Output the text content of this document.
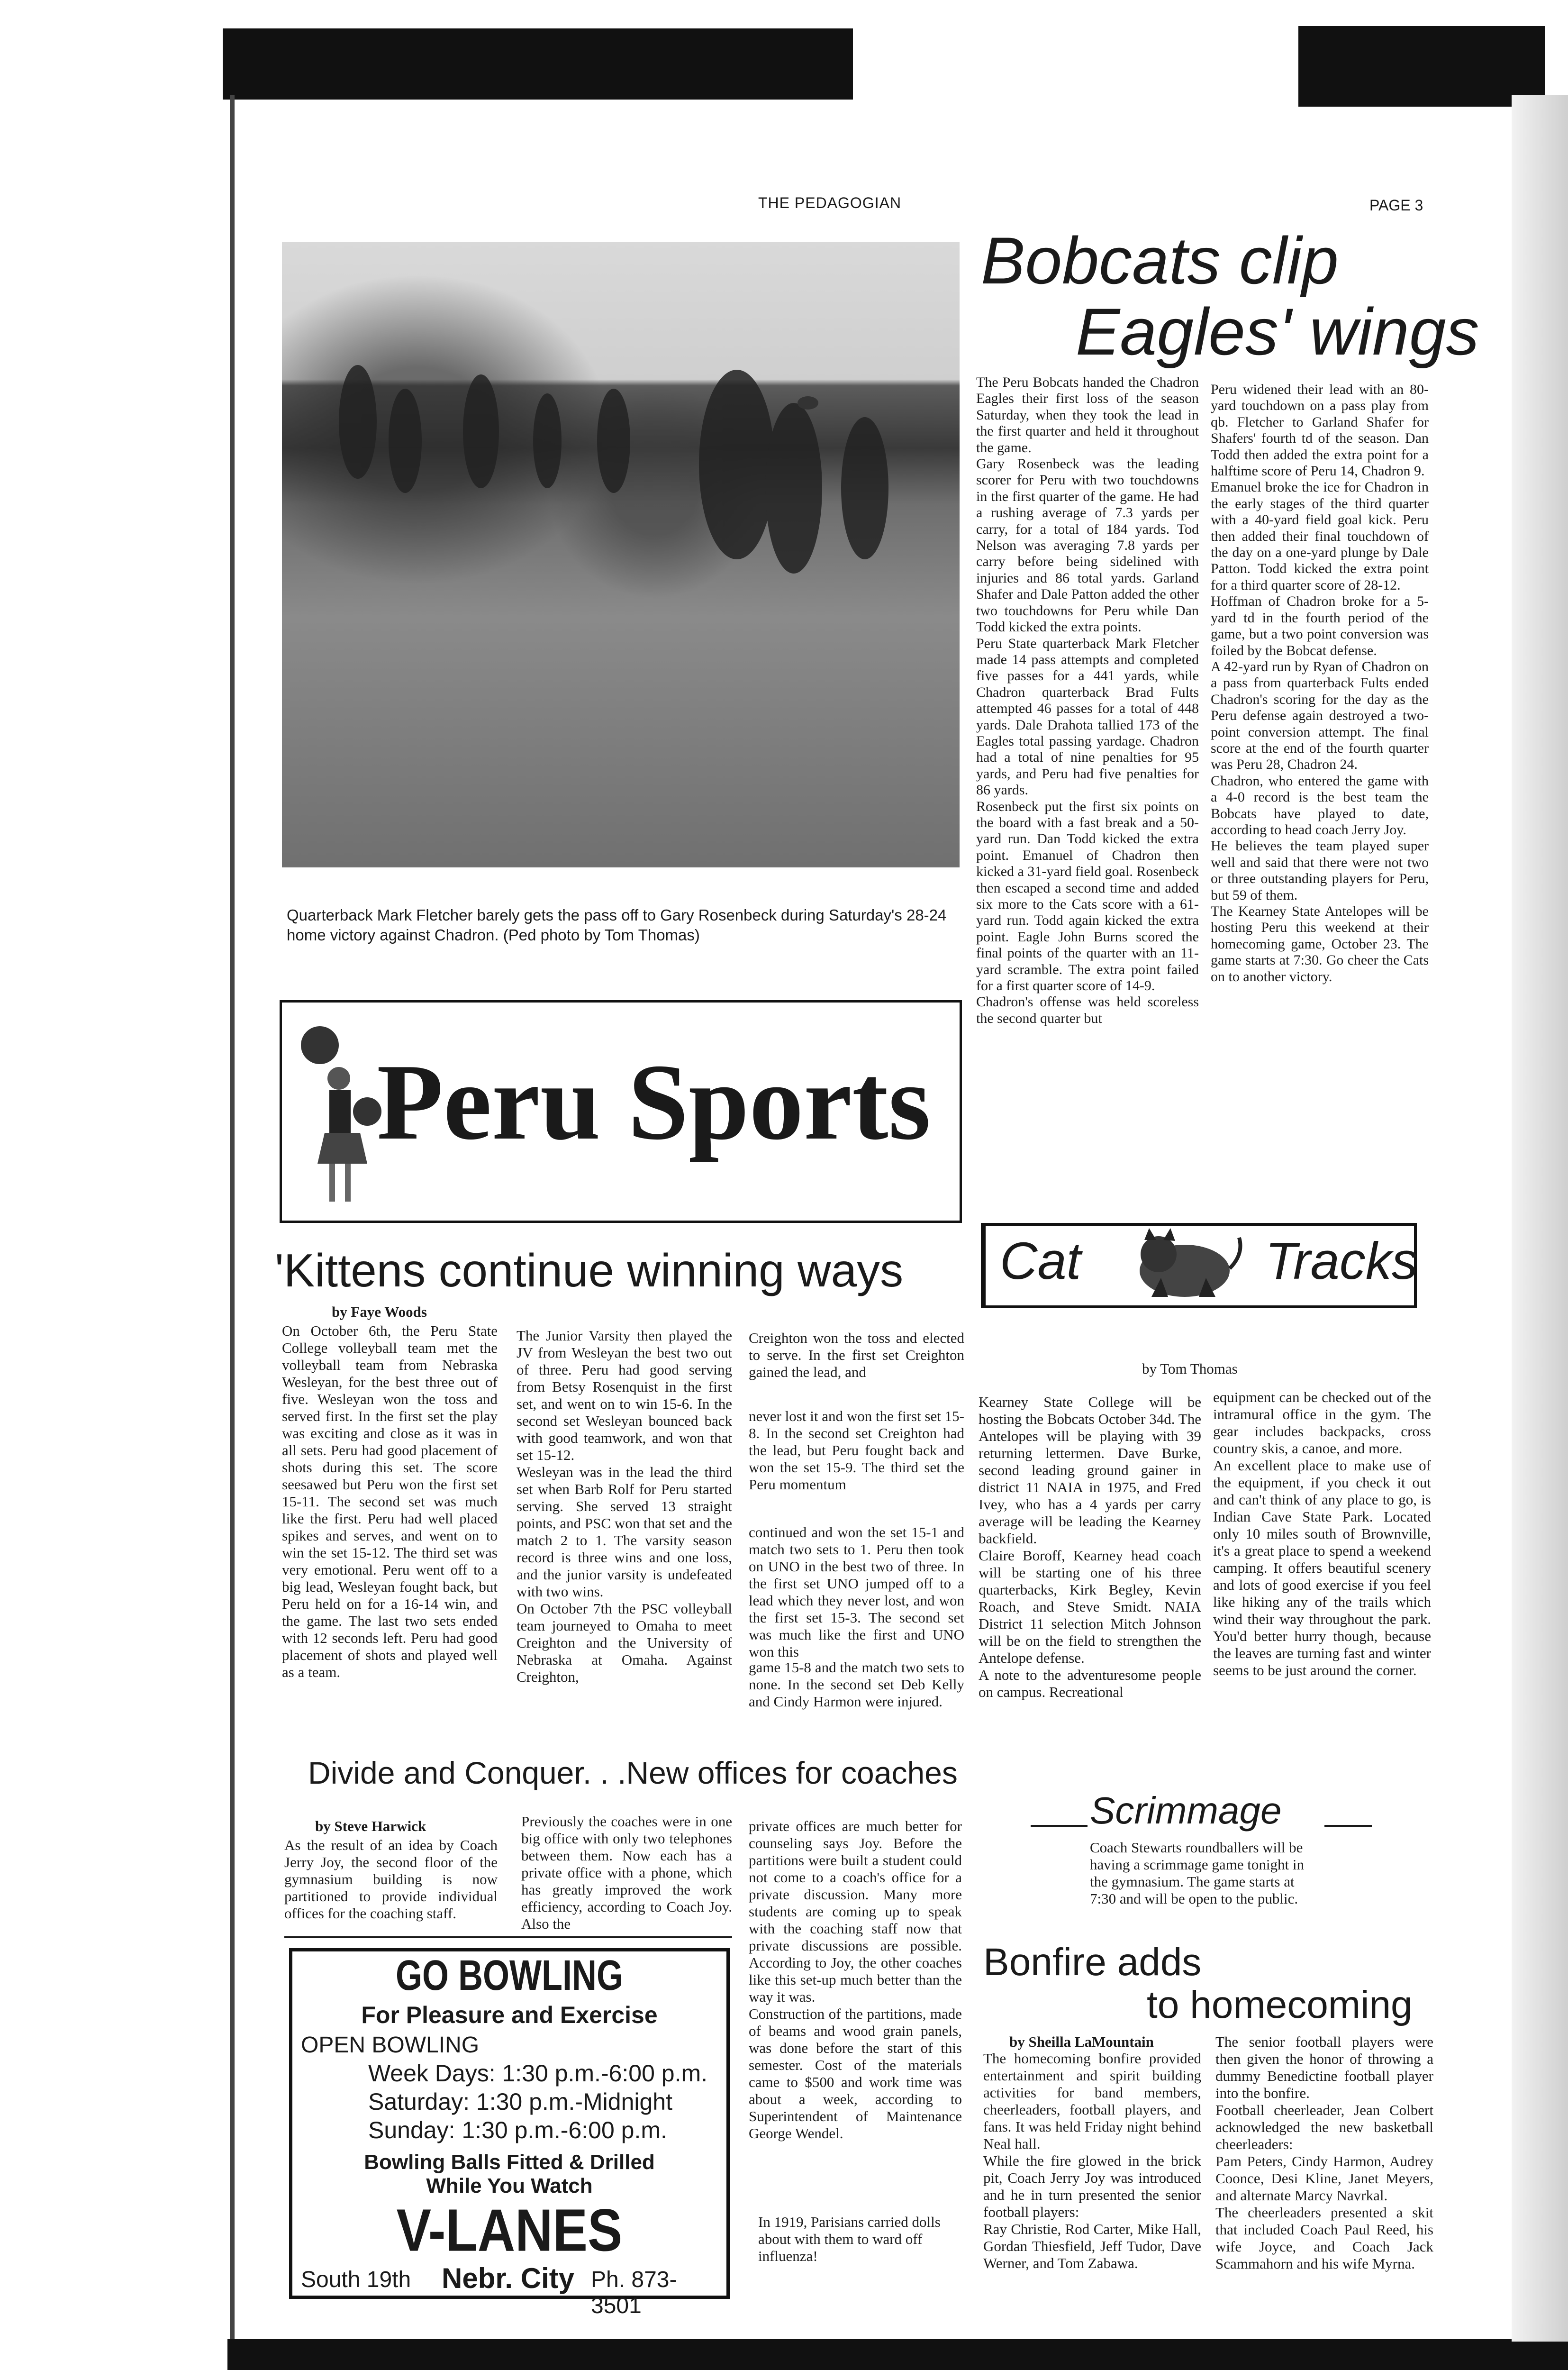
THE PEDAGOGIAN	PAGE 3
Quarterback Mark Fletcher barely gets the pass off to Gary Rosenbeck during Saturday's 28-24 home victory against Chadron. (Ped photo by Tom Thomas)
Peru Sports
Bobcats clip
Eagles' wings
The Peru Bobcats handed the Chadron Eagles their first loss of the season Saturday, when they took the lead in the first quarter and held it throughout the game.
Gary Rosenbeck was the leading scorer for Peru with two touchdowns in the first quarter of the game. He had a rushing average of 7.3 yards per carry, for a total of 184 yards. Tod Nelson was averaging 7.8 yards per carry before being sidelined with injuries and 86 total yards. Garland Shafer and Dale Patton added the other two touchdowns for Peru while Dan Todd kicked the extra points.
Peru State quarterback Mark Fletcher made 14 pass attempts and completed five passes for a 441 yards, while Chadron quarterback Brad Fults attempted 46 passes for a total of 448 yards. Dale Drahota tallied 173 of the Eagles total passing yardage. Chadron had a total of nine penalties for 95 yards, and Peru had five penalties for 86 yards.
Rosenbeck put the first six points on the board with a fast break and a 50-yard run. Dan Todd kicked the extra point. Emanuel of Chadron then kicked a 31-yard field goal. Rosenbeck then escaped a second time and added six more to the Cats score with a 61-yard run. Todd again kicked the extra point. Eagle John Burns scored the final points of the quarter with an 11-yard scramble. The extra point failed for a first quarter score of 14-9.
Chadron's offense was held scoreless the second quarter but
Peru widened their lead with an 80-yard touchdown on a pass play from qb. Fletcher to Garland Shafer for Shafers' fourth td of the season. Dan Todd then added the extra point for a halftime score of Peru 14, Chadron 9.
Emanuel broke the ice for Chadron in the early stages of the third quarter with a 40-yard field goal kick. Peru then added their final touchdown of the day on a one-yard plunge by Dale Patton. Todd kicked the extra point for a third quarter score of 28-12.
Hoffman of Chadron broke for a 5-yard td in the fourth period of the game, but a two point conversion was foiled by the Bobcat defense.
A 42-yard run by Ryan of Chadron on a pass from quarterback Fults ended Chadron's scoring for the day as the Peru defense again destroyed a two-point conversion attempt. The final score at the end of the fourth quarter was Peru 28, Chadron 24.
Chadron, who entered the game with a 4-0 record is the best team the Bobcats have played to date, according to head coach Jerry Joy.
He believes the team played super well and said that there were not two or three outstanding players for Peru, but 59 of them.
The Kearney State Antelopes will be hosting Peru this weekend at their homecoming game, October 23. The game starts at 7:30. Go cheer the Cats on to another victory.
'Kittens continue winning ways
by Faye Woods
On October 6th, the Peru State College volleyball team met the volleyball team from Nebraska Wesleyan, for the best three out of five. Wesleyan won the toss and served first. In the first set the play was exciting and close as it was in all sets. Peru had good placement of shots during this set. The score seesawed but Peru won the first set 15-11. The second set was much like the first. Peru had well placed spikes and serves, and went on to win the set 15-12. The third set was very emotional. Peru went off to a big lead, Wesleyan fought back, but Peru held on for a 16-14 win, and the game. The last two sets ended with 12 seconds left. Peru had good placement of shots and played well as a team.
The Junior Varsity then played the JV from Wesleyan the best two out of three. Peru had good serving from Betsy Rosenquist in the first set, and went on to win 15-6. In the second set Wesleyan bounced back with good teamwork, and won that set 15-12.
Wesleyan was in the lead the third set when Barb Rolf for Peru started serving. She served 13 straight points, and PSC won that set and the match 2 to 1. The varsity season record is three wins and one loss, and the junior varsity is undefeated with two wins.
On October 7th the PSC volleyball team journeyed to Omaha to meet Creighton and the University of Nebraska at Omaha. Against Creighton,
Creighton won the toss and elected to serve. In the first set Creighton gained the lead, and
never lost it and won the first set 15-8. In the second set Creighton had the lead, but Peru fought back and won the set 15-9. The third set the Peru momentum
continued and won the set 15-1 and match two sets to 1. Peru then took on UNO in the best two of three. In the first set UNO jumped off to a lead which they never lost, and won the first set 15-3. The second set was much like the first and UNO won this
game 15-8 and the match two sets to none. In the second set Deb Kelly and Cindy Harmon were injured.
Cat	Tracks
by Tom Thomas
Kearney State College will be hosting the Bobcats October 34d. The Antelopes will be playing with 39 returning lettermen. Dave Burke, second leading ground gainer in district 11 NAIA in 1975, and Fred Ivey, who has a 4 yards per carry average will be leading the Kearney backfield.
Claire Boroff, Kearney head coach will be starting one of his three quarterbacks, Kirk Begley, Kevin Roach, and Steve Smidt. NAIA District 11 selection Mitch Johnson will be on the field to strengthen the Antelope defense.
A note to the adventuresome people on campus. Recreational
equipment can be checked out of the intramural office in the gym. The gear includes backpacks, cross country skis, a canoe, and more.
An excellent place to make use of the equipment, if you check it out and can't think of any place to go, is Indian Cave State Park. Located only 10 miles south of Brownville, it's a great place to spend a weekend camping. It offers beautiful scenery and lots of good exercise if you feel like hiking any of the trails which wind their way throughout the park. You'd better hurry though, because the leaves are turning fast and winter seems to be just around the corner.
Divide and Conquer. . .New offices for coaches
by Steve Harwick
As the result of an idea by Coach Jerry Joy, the second floor of the gymnasium building is now partitioned to provide individual offices for the coaching staff.
Previously the coaches were in one big office with only two telephones between them. Now each has a private office with a phone, which has greatly improved the work efficiency, according to Coach Joy. Also the
private offices are much better for counseling says Joy. Before the partitions were built a student could not come to a coach's office for a private discussion. Many more students are coming up to speak with the coaching staff now that private discussions are possible. According to Joy, the other coaches like this set-up much better than the way it was.
Construction of the partitions, made of beams and wood grain panels, was done before the start of this semester. Cost of the materials came to $500 and work time was about a week, according to Superintendent of Maintenance George Wendel.
In 1919, Parisians carried dolls about with them to ward off influenza!
GO BOWLING
For Pleasure and Exercise
OPEN BOWLING
Week Days: 1:30 p.m.-6:00 p.m.
Saturday: 1:30 p.m.-Midnight
Sunday: 1:30 p.m.-6:00 p.m.
Bowling Balls Fitted & Drilled
While You Watch
V-LANES
South 19th Nebr. City Ph. 873-3501
Scrimmage
Coach Stewarts roundballers will be having a scrimmage game tonight in the gymnasium. The game starts at 7:30 and will be open to the public.
Bonfire adds
to homecoming
by Sheilla LaMountain
The homecoming bonfire provided entertainment and spirit building activities for band members, cheerleaders, football players, and fans. It was held Friday night behind Neal hall.
While the fire glowed in the brick pit, Coach Jerry Joy was introduced and he in turn presented the senior football players:
Ray Christie, Rod Carter, Mike Hall, Gordan Thiesfield, Jeff Tudor, Dave Werner, and Tom Zabawa.
The senior football players were then given the honor of throwing a dummy Benedictine football player into the bonfire.
Football cheerleader, Jean Colbert acknowledged the new basketball cheerleaders:
Pam Peters, Cindy Harmon, Audrey Coonce, Desi Kline, Janet Meyers, and alternate Marcy Navrkal.
The cheerleaders presented a skit that included Coach Paul Reed, his wife Joyce, and Coach Jack Scammahorn and his wife Myrna.
